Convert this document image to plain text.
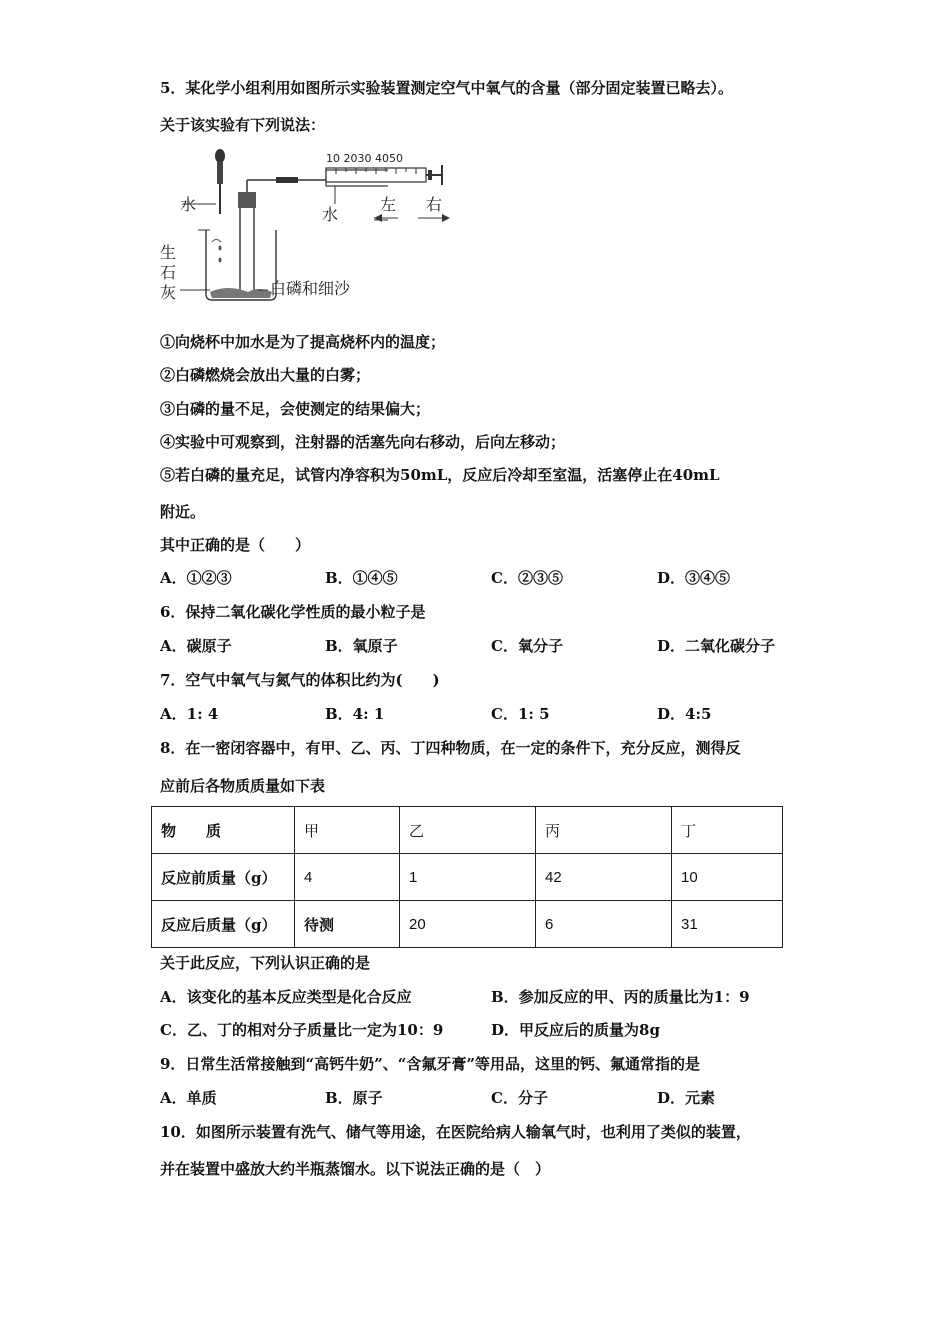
5．某化学小组利用如图所示实验装置测定空气中氧气的含量（部分固定装置已略去）。
关于该实验有下列说法：
水
生
石
灰	白磷和细沙
10 2030 4050
水
左 右
①向烧杯中加水是为了提高烧杯内的温度；
②白磷燃烧会放出大量的白雾；
③白磷的量不足，会使测定的结果偏大；
④实验中可观察到，注射器的活塞先向右移动，后向左移动；
⑤若白磷的量充足，试管内净容积为50mL，反应后冷却至室温，活塞停止在40mL
附近。
其中正确的是（　　）
A．①②③	B．①④⑤	C．②③⑤	D．③④⑤
6．保持二氧化碳化学性质的最小粒子是
A．碳原子	B．氧原子	C．氧分子	D．二氧化碳分子
7．空气中氧气与氮气的体积比约为(　　)
A．1: 4	B．4: 1	C．1: 5	D．4:5
8．在一密闭容器中，有甲、乙、丙、丁四种物质，在一定的条件下，充分反应，测得反
应前后各物质质量如下表
物　　质	甲	乙	丙	丁
反应前质量（g）	4	1	42	10
反应后质量（g）	待测	20	6	31
关于此反应，下列认识正确的是
A．该变化的基本反应类型是化合反应	B．参加反应的甲、丙的质量比为1：9
C．乙、丁的相对分子质量比一定为10：9	D．甲反应后的质量为8g
9．日常生活常接触到“高钙牛奶”、“含氟牙膏”等用品，这里的钙、氟通常指的是
A．单质	B．原子	C．分子	D．元素
10．如图所示装置有洗气、储气等用途，在医院给病人输氧气时，也利用了类似的装置，
并在装置中盛放大约半瓶蒸馏水。以下说法正确的是（　）
